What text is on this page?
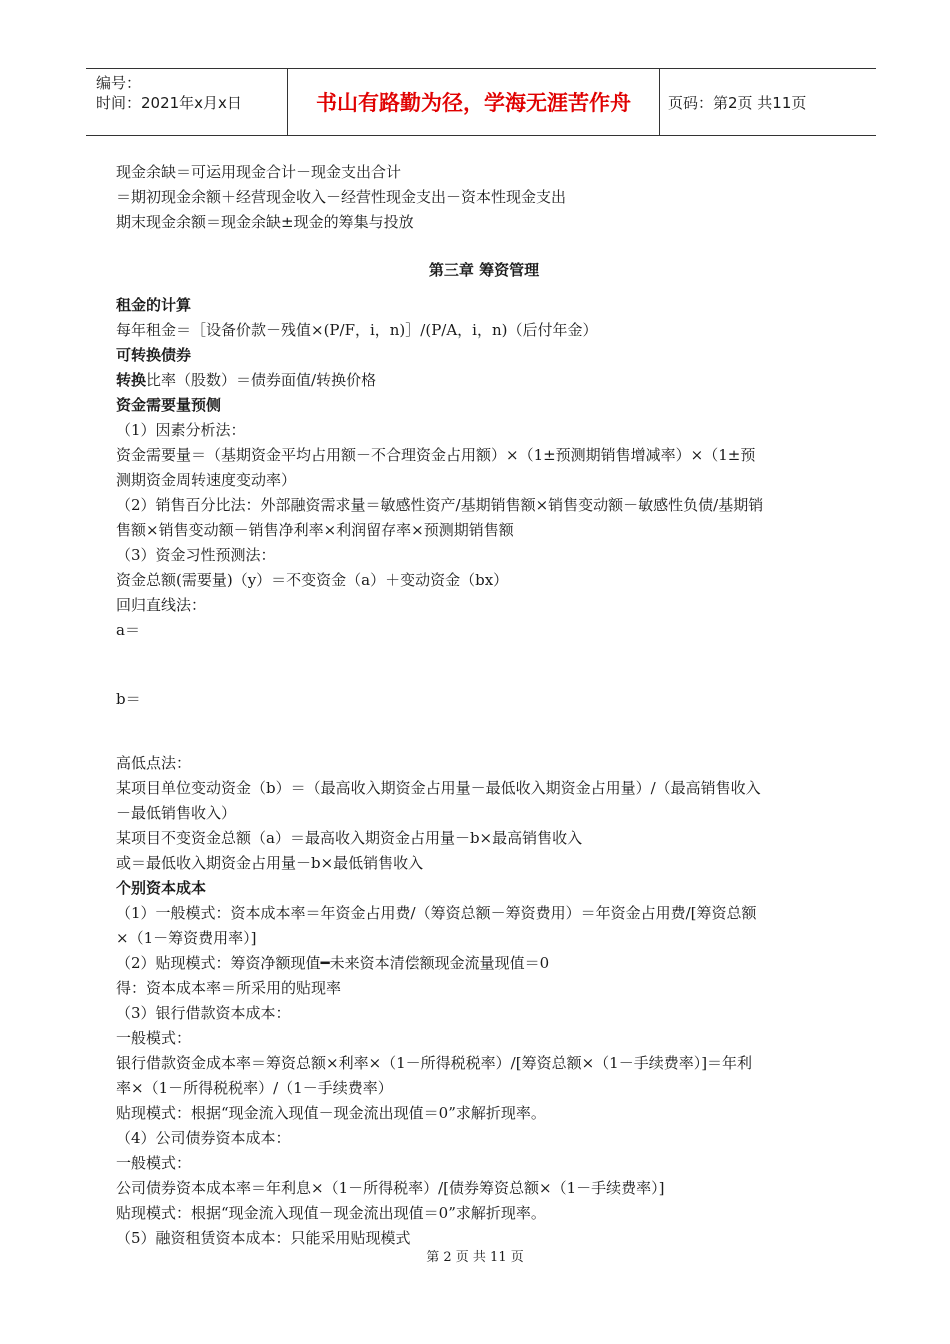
编号：
时间：2021年x月x日	书山有路勤为径，学海无涯苦作舟	页码：第2页 共11页
现金余缺＝可运用现金合计－现金支出合计
＝期初现金余额＋经营现金收入－经营性现金支出－资本性现金支出
期末现金余额＝现金余缺±现金的筹集与投放
第三章 筹资管理
租金的计算
每年租金＝［设备价款－残值×(P/F，i，n)］/(P/A，i，n)（后付年金）
可转换债券
转换比率（股数）＝债券面值/转换价格
资金需要量预侧
（1）因素分析法：
资金需要量＝（基期资金平均占用额－不合理资金占用额）×（1±预测期销售增减率）×（1±预
测期资金周转速度变动率）
（2）销售百分比法：外部融资需求量＝敏感性资产/基期销售额×销售变动额－敏感性负债/基期销
售额×销售变动额－销售净利率×利润留存率×预测期销售额
（3）资金习性预测法：
资金总额(需要量)（y）＝不变资金（a）＋变动资金（bx）
回归直线法：
a＝
b＝
高低点法：
某项目单位变动资金（b）＝（最高收入期资金占用量－最低收入期资金占用量）/（最高销售收入
－最低销售收入）
某项目不变资金总额（a）＝最高收入期资金占用量－b×最高销售收入
或＝最低收入期资金占用量－b×最低销售收入
个别资本成本
（1）一般模式：资本成本率＝年资金占用费/（筹资总额－筹资费用）＝年资金占用费/[筹资总额
×（1－筹资费用率）]
（2）贴现模式：筹资净额现值━未来资本清偿额现金流量现值＝0
得：资本成本率＝所采用的贴现率
（3）银行借款资本成本：
一般模式：
银行借款资金成本率＝筹资总额×利率×（1－所得税税率）/[筹资总额×（1－手续费率）]＝年利
率×（1－所得税税率）/（1－手续费率）
贴现模式：根据“现金流入现值－现金流出现值＝0”求解折现率。
（4）公司债券资本成本：
一般模式：
公司债券资本成本率＝年利息×（1－所得税率）/[债券筹资总额×（1－手续费率）]
贴现模式：根据“现金流入现值－现金流出现值＝0”求解折现率。
（5）融资租赁资本成本：只能采用贴现模式
第 2 页 共 11 页
